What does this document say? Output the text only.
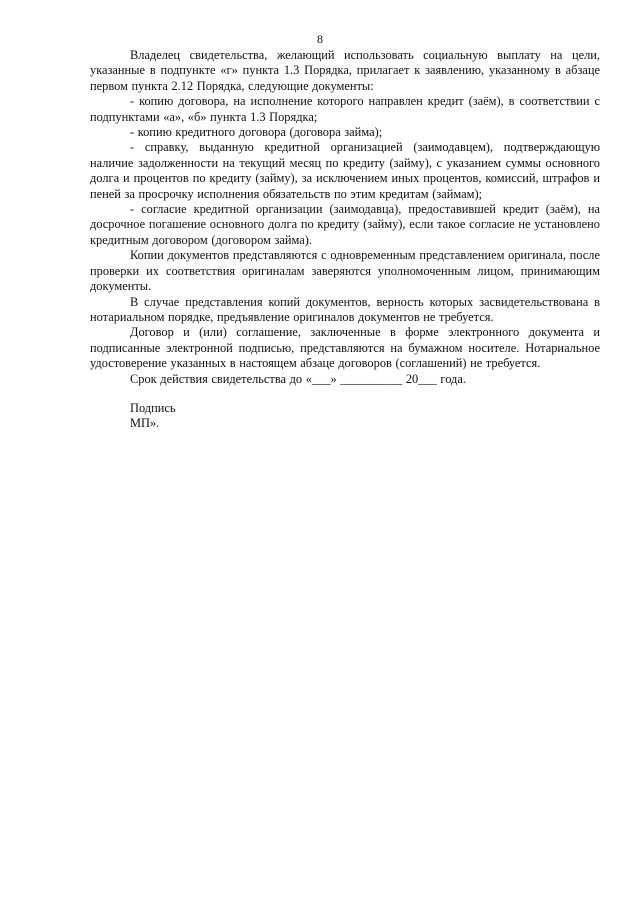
8

Владелец свидетельства, желающий использовать социальную выплату на цели, указанные в подпункте «г» пункта 1.3 Порядка, прилагает к заявлению, указанному в абзаце первом пункта 2.12 Порядка, следующие документы:

- копию договора, на исполнение которого направлен кредит (заём), в соответствии с подпунктами «а», «б» пункта 1.3 Порядка;

- копию кредитного договора (договора займа);

- справку, выданную кредитной организацией (заимодавцем), подтверждающую наличие задолженности на текущий месяц по кредиту (займу), с указанием суммы основного долга и процентов по кредиту (займу), за исключением иных процентов, комиссий, штрафов и пеней за просрочку исполнения обязательств по этим кредитам (займам);

- согласие кредитной организации (заимодавца), предоставившей кредит (заём), на досрочное погашение основного долга по кредиту (займу), если такое согласие не установлено кредитным договором (договором займа).

Копии документов представляются с одновременным представлением оригинала, после проверки их соответствия оригиналам заверяются уполномоченным лицом, принимающим документы.

В случае представления копий документов, верность которых засвидетельствована в нотариальном порядке, предъявление оригиналов документов не требуется.

Договор и (или) соглашение, заключенные в форме электронного документа и подписанные электронной подписью, представляются на бумажном носителе. Нотариальное удостоверение указанных в настоящем абзаце договоров (соглашений) не требуется.

Срок действия свидетельства до «___» __________ 20___ года.

Подпись

МП».
